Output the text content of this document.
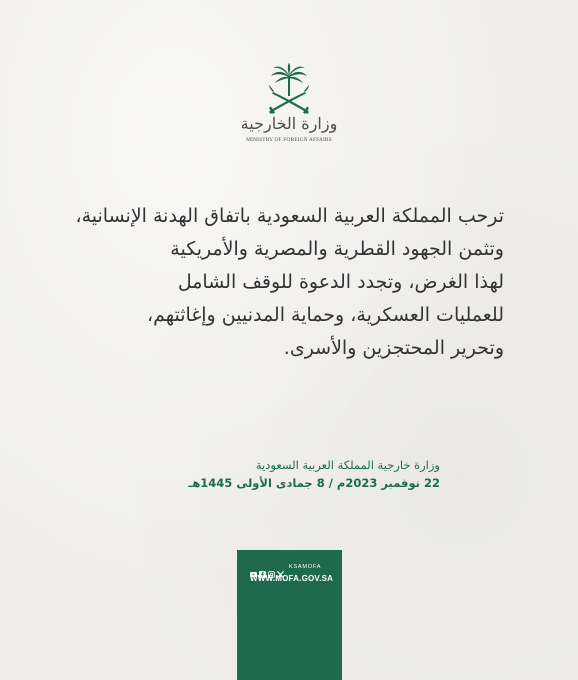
وزارة الخارجية
MINISTRY OF FOREIGN AFFAIRS
ترحب المملكة العربية السعودية باتفاق الهدنة الإنسانية،
وتثمن الجهود القطرية والمصرية والأمريكية
لهذا الغرض، وتجدد الدعوة للوقف الشامل
للعمليات العسكرية، وحماية المدنيين وإغاثتهم،
وتحرير المحتجزين والأسرى.
وزارة خارجية المملكة العربية السعودية
22 نوفمبر 2023م / 8 جمادى الأولى 1445هـ
KSAMOFA
WWW.MOFA.GOV.SA
